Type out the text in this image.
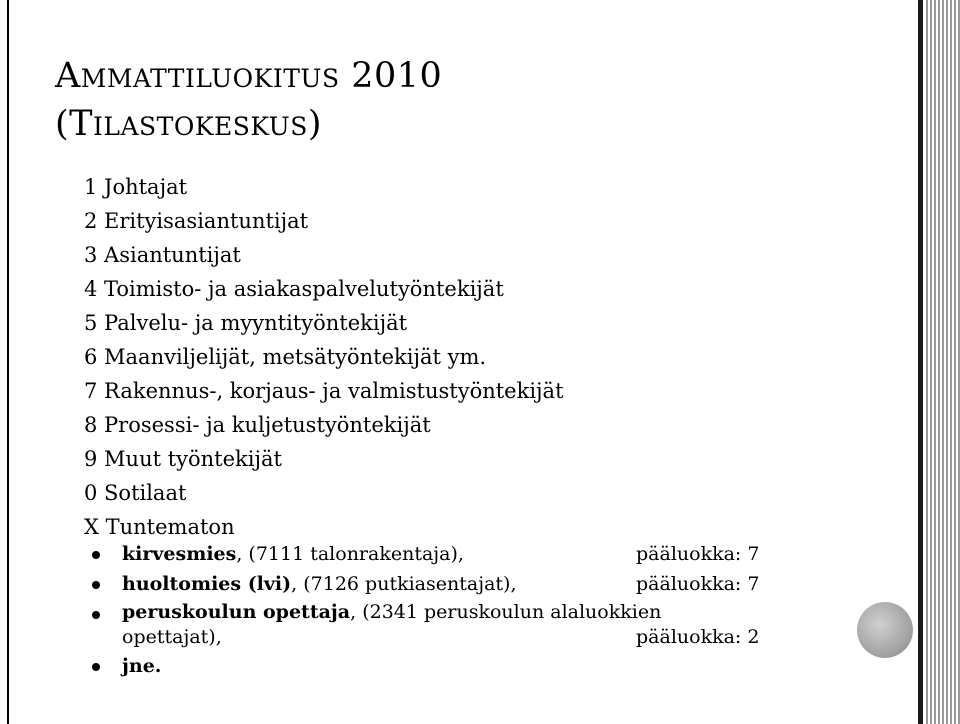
Ammattiluokitus 2010
(Tilastokeskus)
1 Johtajat
2 Erityisasiantuntijat
3 Asiantuntijat
4 Toimisto- ja asiakaspalvelutyöntekijät
5 Palvelu- ja myyntityöntekijät
6 Maanviljelijät, metsätyöntekijät ym.
7 Rakennus-, korjaus- ja valmistustyöntekijät
8 Prosessi- ja kuljetustyöntekijät
9 Muut työntekijät
0 Sotilaat
X Tuntematon
kirvesmies, (7111 talonrakentaja),	pääluokka: 7
huoltomies (lvi), (7126 putkiasentajat),	pääluokka: 7
peruskoulun opettaja, (2341 peruskoulun alaluokkien
opettajat),	pääluokka: 2
jne.
